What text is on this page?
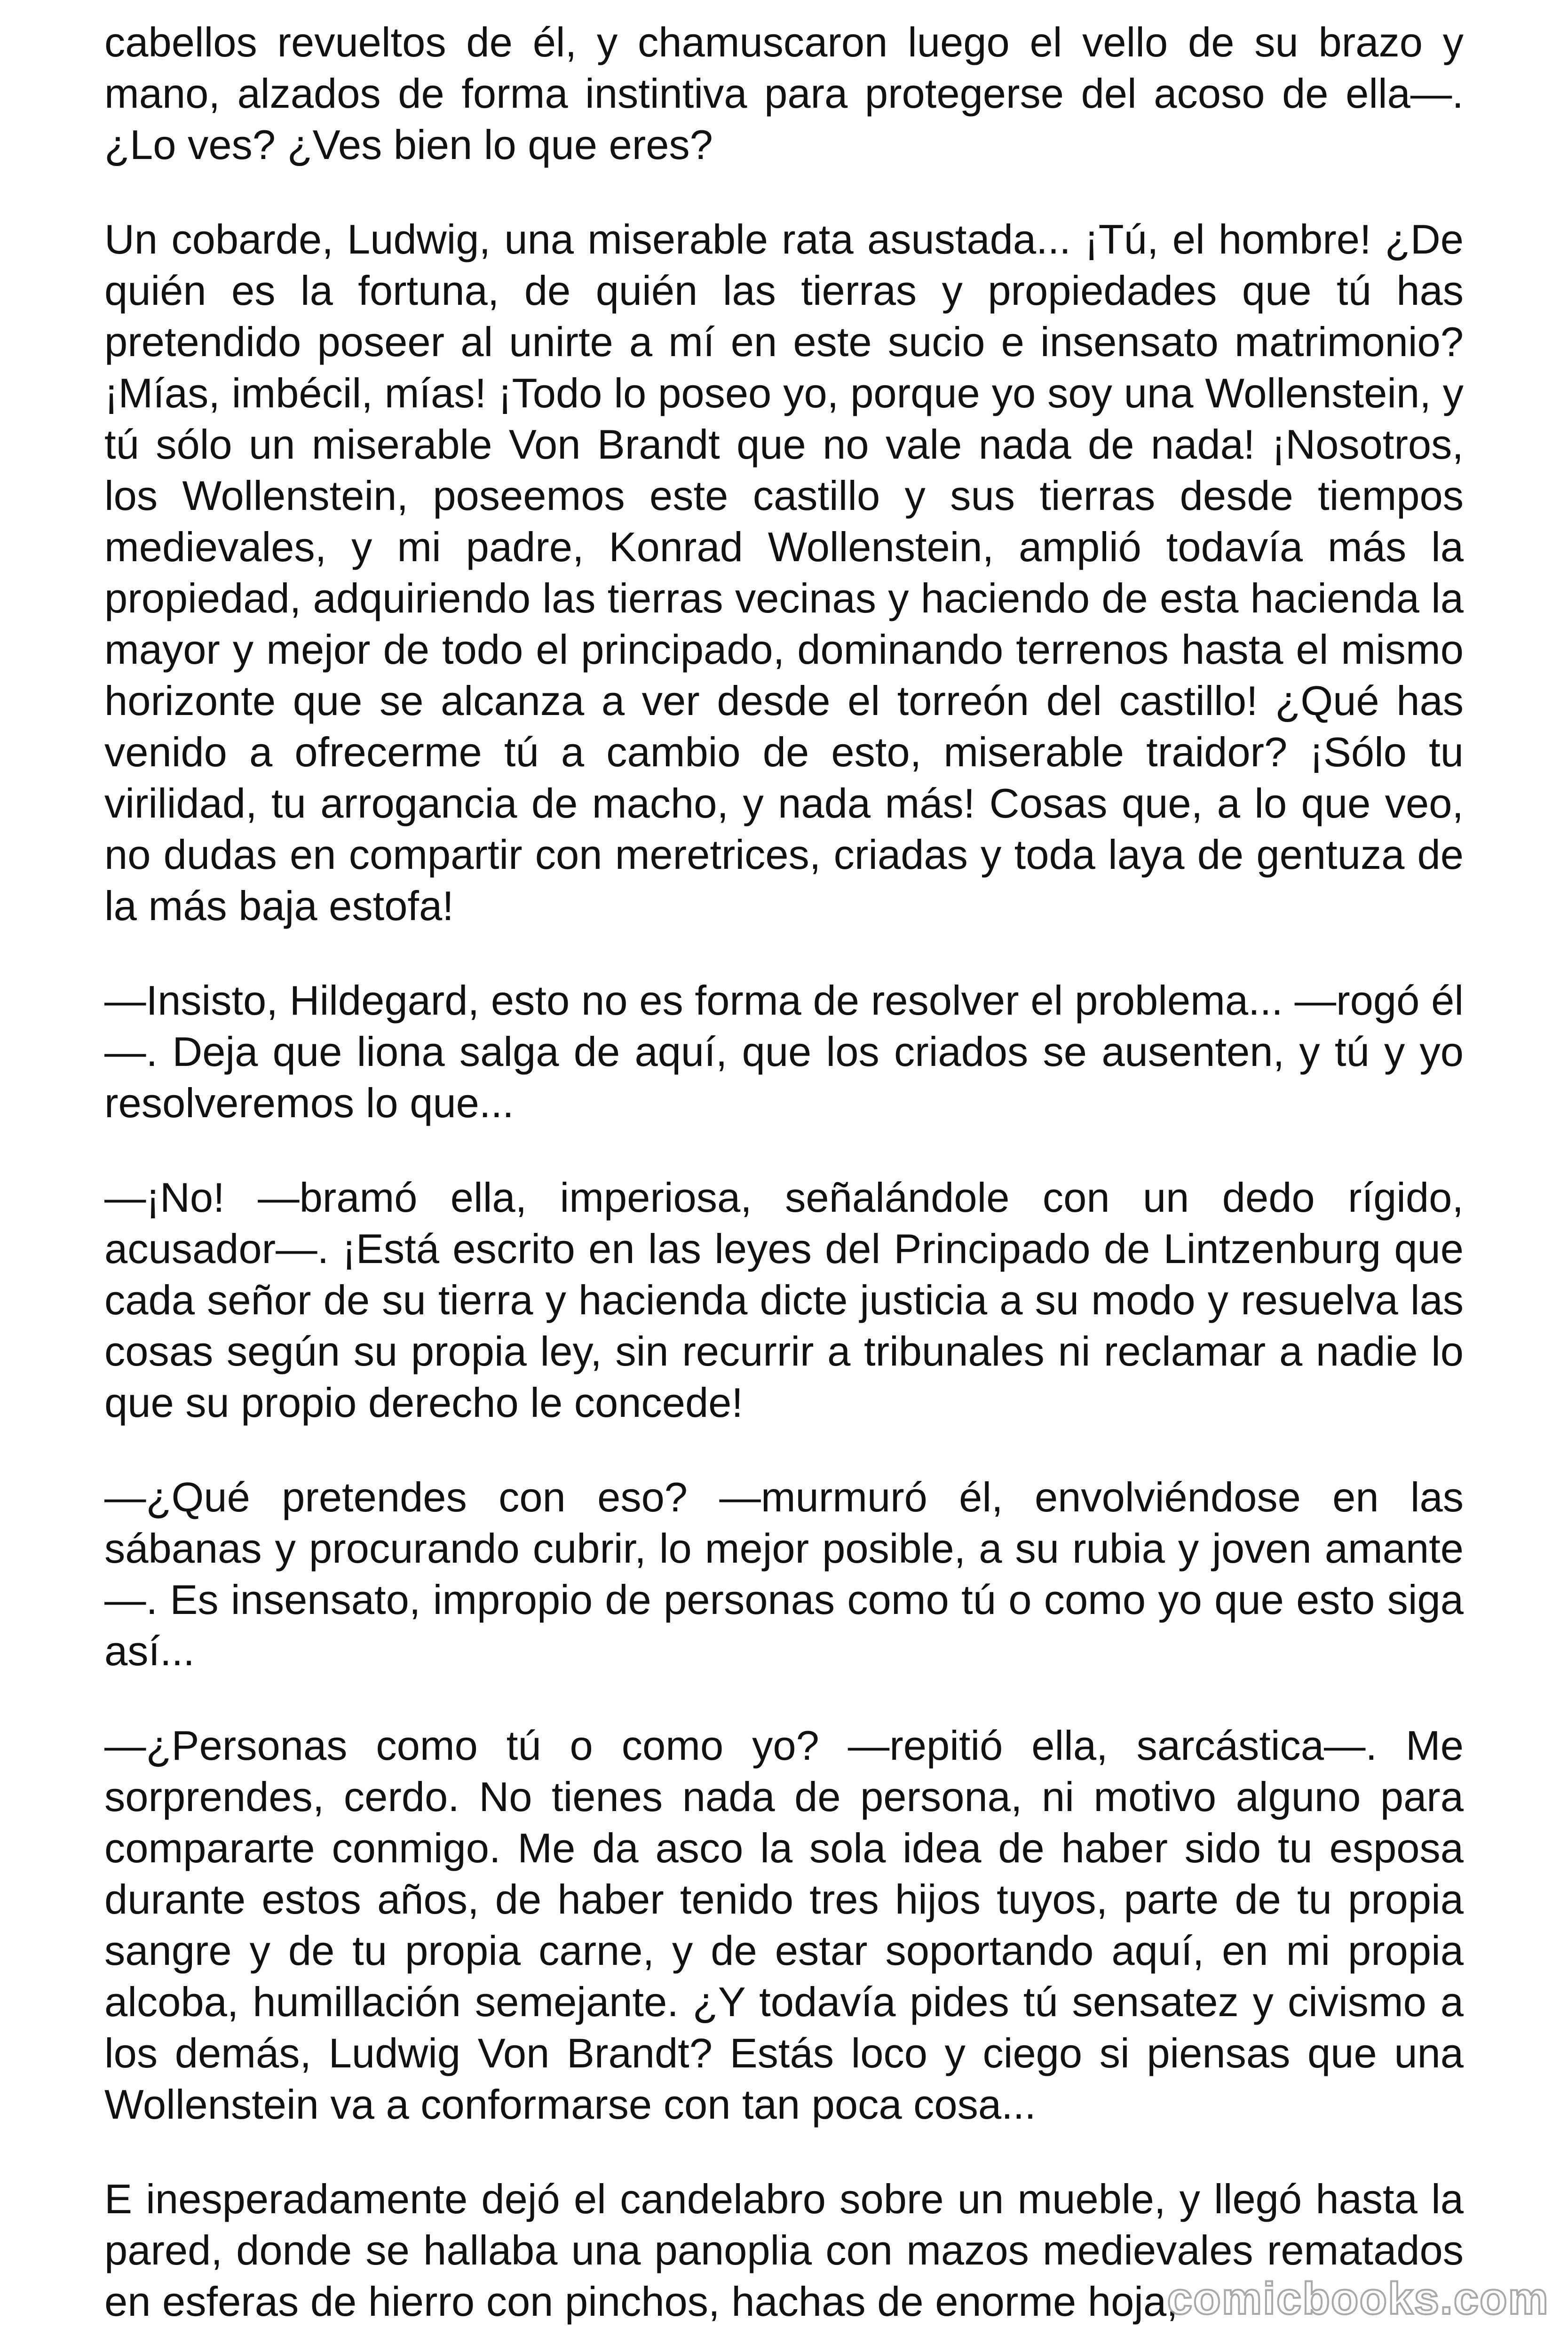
cabellos revueltos de él, y chamuscaron luego el vello de su brazo y mano, alzados de forma instintiva para protegerse del acoso de ella—. ¿Lo ves? ¿Ves bien lo que eres?

Un cobarde, Ludwig, una miserable rata asustada... ¡Tú, el hombre! ¿De quién es la fortuna, de quién las tierras y propiedades que tú has pretendido poseer al unirte a mí en este sucio e insensato matrimonio? ¡Mías, imbécil, mías! ¡Todo lo poseo yo, porque yo soy una Wollenstein, y tú sólo un miserable Von Brandt que no vale nada de nada! ¡Nosotros, los Wollenstein, poseemos este castillo y sus tierras desde tiempos medievales, y mi padre, Konrad Wollenstein, amplió todavía más la propiedad, adquiriendo las tierras vecinas y haciendo de esta hacienda la mayor y mejor de todo el principado, dominando terrenos hasta el mismo horizonte que se alcanza a ver desde el torreón del castillo! ¿Qué has venido a ofrecerme tú a cambio de esto, miserable traidor? ¡Sólo tu virilidad, tu arrogancia de macho, y nada más! Cosas que, a lo que veo, no dudas en compartir con meretrices, criadas y toda laya de gentuza de la más baja estofa!

—Insisto, Hildegard, esto no es forma de resolver el problema... —rogó él—. Deja que liona salga de aquí, que los criados se ausenten, y tú y yo resolveremos lo que...

—¡No! —bramó ella, imperiosa, señalándole con un dedo rígido, acusador—. ¡Está escrito en las leyes del Principado de Lintzenburg que cada señor de su tierra y hacienda dicte justicia a su modo y resuelva las cosas según su propia ley, sin recurrir a tribunales ni reclamar a nadie lo que su propio derecho le concede!

—¿Qué pretendes con eso? —murmuró él, envolviéndose en las sábanas y procurando cubrir, lo mejor posible, a su rubia y joven amante—. Es insensato, impropio de personas como tú o como yo que esto siga así...

—¿Personas como tú o como yo? —repitió ella, sarcástica—. Me sorprendes, cerdo. No tienes nada de persona, ni motivo alguno para compararte conmigo. Me da asco la sola idea de haber sido tu esposa durante estos años, de haber tenido tres hijos tuyos, parte de tu propia sangre y de tu propia carne, y de estar soportando aquí, en mi propia alcoba, humillación semejante. ¿Y todavía pides tú sensatez y civismo a los demás, Ludwig Von Brandt? Estás loco y ciego si piensas que una Wollenstein va a conformarse con tan poca cosa...

E inesperadamente dejó el candelabro sobre un mueble, y llegó hasta la pared, donde se hallaba una panoplia con mazos medievales rematados en esferas de hierro con pinchos, hachas de enorme hoja,

comicbooks.com
